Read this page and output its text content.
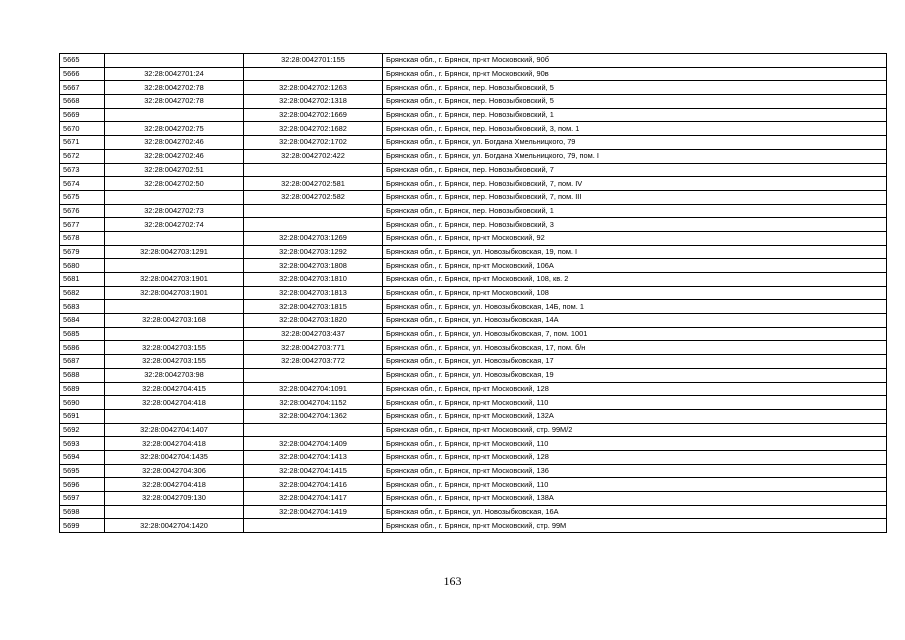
5665		32:28:0042701:155	Брянская обл., г. Брянск, пр-кт Московский, 90б
5666	32:28:0042701:24		Брянская обл., г. Брянск, пр-кт Московский, 90в
5667	32:28:0042702:78	32:28:0042702:1263	Брянская обл., г. Брянск, пер. Новозыбковский, 5
5668	32:28:0042702:78	32:28:0042702:1318	Брянская обл., г. Брянск, пер. Новозыбковский, 5
5669		32:28:0042702:1669	Брянская обл., г. Брянск, пер. Новозыбковский, 1
5670	32:28:0042702:75	32:28:0042702:1682	Брянская обл., г. Брянск, пер. Новозыбковский, 3, пом. 1
5671	32:28:0042702:46	32:28:0042702:1702	Брянская обл., г. Брянск, ул. Богдана Хмельницкого, 79
5672	32:28:0042702:46	32:28:0042702:422	Брянская обл., г. Брянск, ул. Богдана Хмельницкого, 79, пом. I
5673	32:28:0042702:51		Брянская обл., г. Брянск, пер. Новозыбковский, 7
5674	32:28:0042702:50	32:28:0042702:581	Брянская обл., г. Брянск, пер. Новозыбковский, 7, пом. IV
5675		32:28:0042702:582	Брянская обл., г. Брянск, пер. Новозыбковский, 7, пом. III
5676	32:28:0042702:73		Брянская обл., г. Брянск, пер. Новозыбковский, 1
5677	32:28:0042702:74		Брянская обл., г. Брянск, пер. Новозыбковский, 3
5678		32:28:0042703:1269	Брянская обл., г. Брянск, пр-кт Московский, 92
5679	32:28:0042703:1291	32:28:0042703:1292	Брянская обл., г. Брянск, ул. Новозыбковская, 19, пом. I
5680		32:28:0042703:1808	Брянская обл., г. Брянск, пр-кт Московский, 106А
5681	32:28:0042703:1901	32:28:0042703:1810	Брянская обл., г. Брянск, пр-кт Московский, 108, кв. 2
5682	32:28:0042703:1901	32:28:0042703:1813	Брянская обл., г. Брянск, пр-кт Московский, 108
5683		32:28:0042703:1815	Брянская обл., г. Брянск, ул. Новозыбковская, 14Б, пом. 1
5684	32:28:0042703:168	32:28:0042703:1820	Брянская обл., г. Брянск, ул. Новозыбковская, 14А
5685		32:28:0042703:437	Брянская обл., г. Брянск, ул. Новозыбковская, 7, пом. 1001
5686	32:28:0042703:155	32:28:0042703:771	Брянская обл., г. Брянск, ул. Новозыбковская, 17, пом. б/н
5687	32:28:0042703:155	32:28:0042703:772	Брянская обл., г. Брянск, ул. Новозыбковская, 17
5688	32:28:0042703:98		Брянская обл., г. Брянск, ул. Новозыбковская, 19
5689	32:28:0042704:415	32:28:0042704:1091	Брянская обл., г. Брянск, пр-кт Московский, 128
5690	32:28:0042704:418	32:28:0042704:1152	Брянская обл., г. Брянск, пр-кт Московский, 110
5691		32:28:0042704:1362	Брянская обл., г. Брянск, пр-кт Московский, 132А
5692	32:28:0042704:1407		Брянская обл., г. Брянск, пр-кт Московский, стр. 99М/2
5693	32:28:0042704:418	32:28:0042704:1409	Брянская обл., г. Брянск, пр-кт Московский, 110
5694	32:28:0042704:1435	32:28:0042704:1413	Брянская обл., г. Брянск, пр-кт Московский, 128
5695	32:28:0042704:306	32:28:0042704:1415	Брянская обл., г. Брянск, пр-кт Московский, 136
5696	32:28:0042704:418	32:28:0042704:1416	Брянская обл., г. Брянск, пр-кт Московский, 110
5697	32:28:0042709:130	32:28:0042704:1417	Брянская обл., г. Брянск, пр-кт Московский, 138А
5698		32:28:0042704:1419	Брянская обл., г. Брянск, ул. Новозыбковская, 16А
5699	32:28:0042704:1420		Брянская обл., г. Брянск, пр-кт Московский, стр. 99М
163
